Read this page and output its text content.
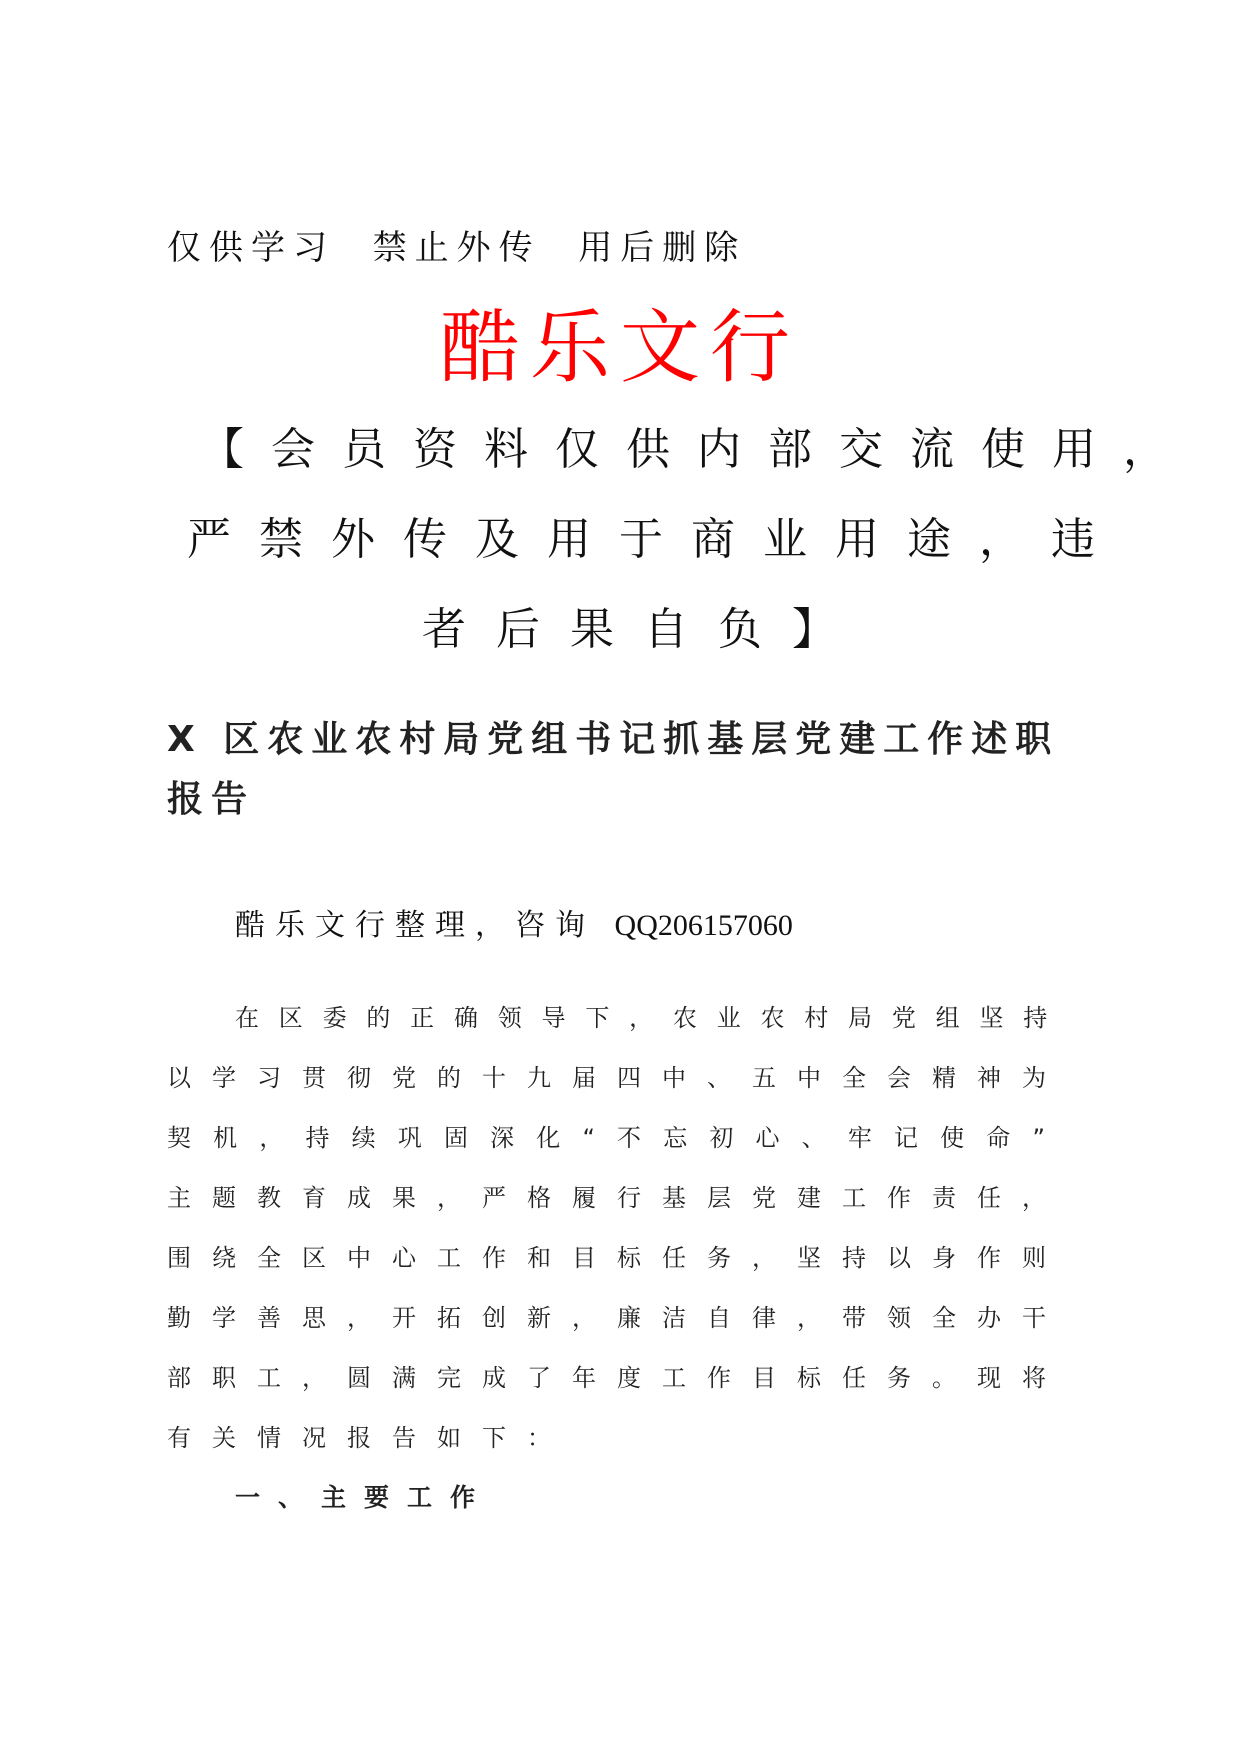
仅供学习  禁止外传  用后删除
酷乐文行
【会员资料仅供内部交流使用，
严禁外传及用于商业用途，违
者后果自负】
X 区农业农村局党组书记抓基层党建工作述职报告
酷乐文行整理，咨询 QQ206157060
在区委的正确领导下，农业农村局党组坚持
以学习贯彻党的十九届四中、五中全会精神为
契机，持续巩固深化“不忘初心、牢记使命”
主题教育成果，严格履行基层党建工作责任，
围绕全区中心工作和目标任务，坚持以身作则
勤学善思，开拓创新，廉洁自律，带领全办干
部职工，圆满完成了年度工作目标任务。现将
有关情况报告如下：
一、主要工作
